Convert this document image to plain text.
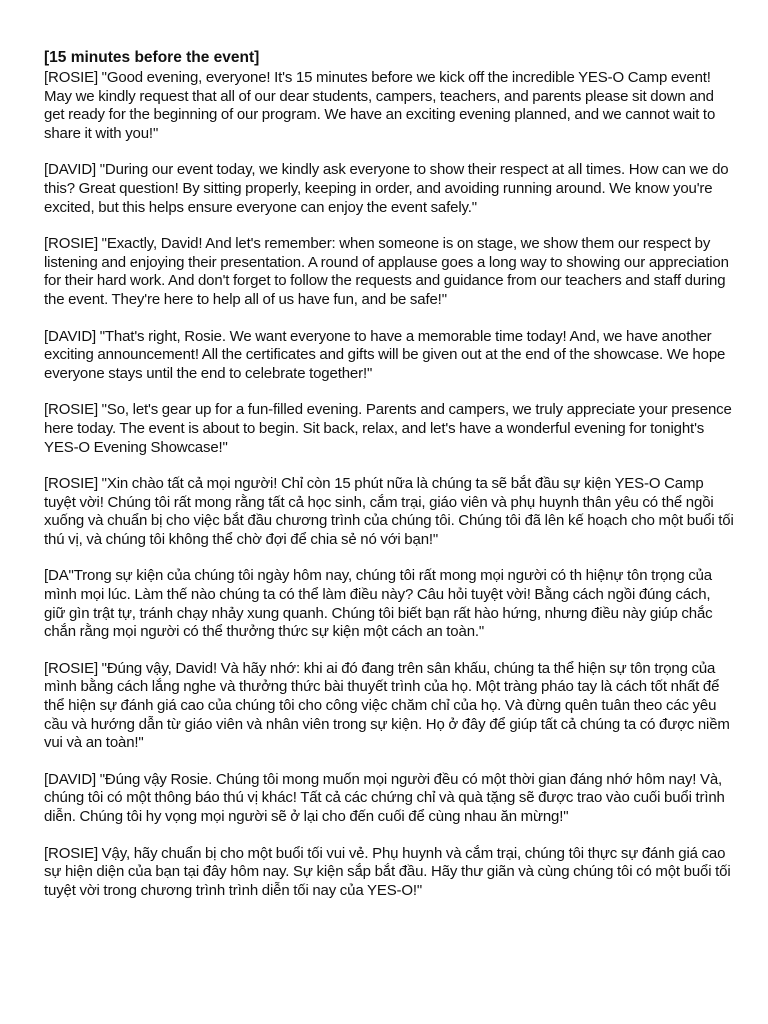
[15 minutes before the event]

[ROSIE] "Good evening, everyone! It's 15 minutes before we kick off the incredible YES-O Camp event! May we kindly request that all of our dear students, campers, teachers, and parents please sit down and get ready for the beginning of our program. We have an exciting evening planned, and we cannot wait to share it with you!"

[DAVID] "During our event today, we kindly ask everyone to show their respect at all times. How can we do this? Great question! By sitting properly, keeping in order, and avoiding running around. We know you're excited, but this helps ensure everyone can enjoy the event safely."

[ROSIE] "Exactly, David! And let's remember: when someone is on stage, we show them our respect by listening and enjoying their presentation. A round of applause goes a long way to showing our appreciation for their hard work. And don't forget to follow the requests and guidance from our teachers and staff during the event. They're here to help all of us have fun, and be safe!"

[DAVID] "That's right, Rosie. We want everyone to have a memorable time today! And, we have another exciting announcement! All the certificates and gifts will be given out at the end of the showcase. We hope everyone stays until the end to celebrate together!"

[ROSIE] "So, let's gear up for a fun-filled evening. Parents and campers, we truly appreciate your presence here today. The event is about to begin. Sit back, relax, and let's have a wonderful evening for tonight's YES-O Evening Showcase!"

[ROSIE] "Xin chào tất cả mọi người! Chỉ còn 15 phút nữa là chúng ta sẽ bắt đầu sự kiện YES-O Camp tuyệt vời! Chúng tôi rất mong rằng tất cả học sinh, cắm trại, giáo viên và phụ huynh thân yêu có thể ngồi xuống và chuẩn bị cho việc bắt đầu chương trình của chúng tôi. Chúng tôi đã lên kế hoạch cho một buổi tối thú vị, và chúng tôi không thể chờ đợi để chia sẻ nó với bạn!"

[DA"Trong sự kiện của chúng tôi ngày hôm nay, chúng tôi rất mong mọi người có th hiệnự tôn trọng của mình mọi lúc. Làm thế nào chúng ta có thể làm điều này? Câu hỏi tuyệt vời! Bằng cách ngồi đúng cách, giữ gìn trật tự, tránh chạy nhảy xung quanh. Chúng tôi biết bạn rất hào hứng, nhưng điều này giúp chắc chắn rằng mọi người có thể thưởng thức sự kiện một cách an toàn."

[ROSIE] "Đúng vậy, David! Và hãy nhớ: khi ai đó đang trên sân khấu, chúng ta thể hiện sự tôn trọng của mình bằng cách lắng nghe và thưởng thức bài thuyết trình của họ. Một tràng pháo tay là cách tốt nhất để thể hiện sự đánh giá cao của chúng tôi cho công việc chăm chỉ của họ. Và đừng quên tuân theo các yêu cầu và hướng dẫn từ giáo viên và nhân viên trong sự kiện. Họ ở đây để giúp tất cả chúng ta có được niềm vui và an toàn!"

[DAVID] "Đúng vậy Rosie. Chúng tôi mong muốn mọi người đều có một thời gian đáng nhớ hôm nay! Và, chúng tôi có một thông báo thú vị khác! Tất cả các chứng chỉ và quà tặng sẽ được trao vào cuối buổi trình diễn. Chúng tôi hy vọng mọi người sẽ ở lại cho đến cuối để cùng nhau ăn mừng!"

[ROSIE] Vậy, hãy chuẩn bị cho một buổi tối vui vẻ. Phụ huynh và cắm trại, chúng tôi thực sự đánh giá cao sự hiện diện của bạn tại đây hôm nay. Sự kiện sắp bắt đầu. Hãy thư giãn và cùng chúng tôi có một buổi tối tuyệt vời trong chương trình trình diễn tối nay của YES-O!"
